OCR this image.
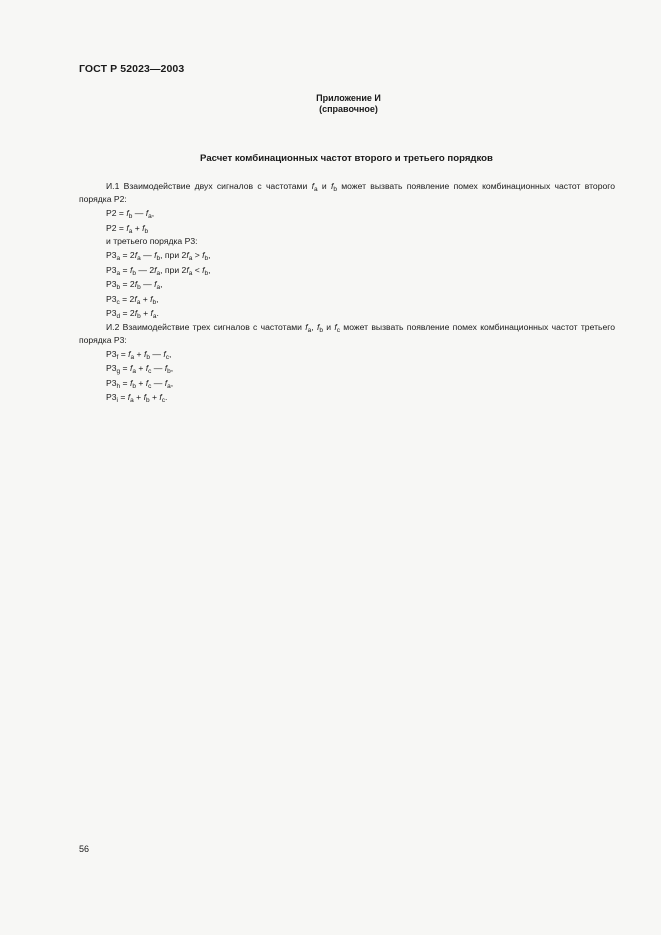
ГОСТ Р 52023—2003
Приложение И
(справочное)
Расчет комбинационных частот второго и третьего порядков

И.1 Взаимодействие двух сигналов с частотами $f_a$ и $f_b$ может вызвать появление помех комбинационных частот второго порядка Р2:

$Р2 = f_b$ — $f_a$,

$Р2 = f_a + f_b$

и третьего порядка Р3:

$Р3_a = 2f_a$ — $f_b$, при $2f_a > f_b$,

$Р3_a = f_b$ — $2f_a$, при $2f_a < f_b$,

$Р3_b = 2f_b$ — $f_a$,

$Р3_c = 2f_a + f_b$,

$Р3_d = 2f_b + f_a$.

И.2 Взаимодействие трех сигналов с частотами $f_a$, $f_b$ и $f_c$ может вызвать появление помех комбинационных частот третьего порядка Р3:

$Р3_f = f_a + f_b$ — $f_c$,

$Р3_g = f_a + f_c$ — $f_b$,

$Р3_h = f_b + f_c$ — $f_a$,

$Р3_i = f_a + f_b + f_c$.

56
